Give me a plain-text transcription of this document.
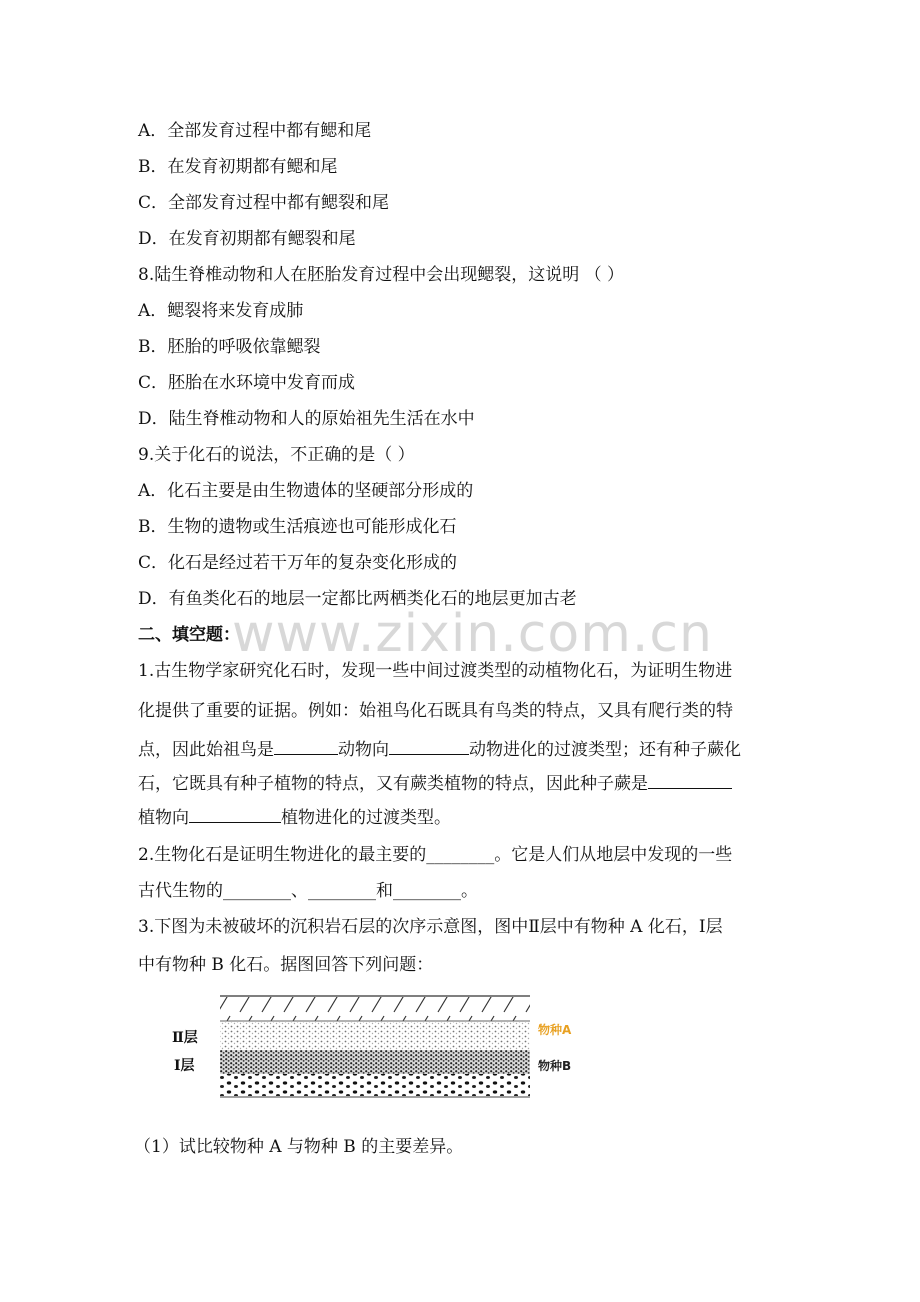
www.zixin.com.cn
A．全部发育过程中都有鳃和尾
B．在发育初期都有鳃和尾
C．全部发育过程中都有鳃裂和尾
D．在发育初期都有鳃裂和尾
8.陆生脊椎动物和人在胚胎发育过程中会出现鳃裂，这说明 （ ）
A．鳃裂将来发育成肺
B．胚胎的呼吸依靠鳃裂
C．胚胎在水环境中发育而成
D．陆生脊椎动物和人的原始祖先生活在水中
9.关于化石的说法，不正确的是（ ）
A．化石主要是由生物遗体的坚硬部分形成的
B．生物的遗物或生活痕迹也可能形成化石
C．化石是经过若干万年的复杂变化形成的
D．有鱼类化石的地层一定都比两栖类化石的地层更加古老
二、填空题：
1.古生物学家研究化石时，发现一些中间过渡类型的动植物化石，为证明生物进
化提供了重要的证据。例如：始祖鸟化石既具有鸟类的特点，又具有爬行类的特
点，因此始祖鸟是	动物向	动物进化的过渡类型；还有种子蕨化
石，它既具有种子植物的特点，又有蕨类植物的特点，因此种子蕨是
植物向	植物进化的过渡类型。
2.生物化石是证明生物进化的最主要的________。它是人们从地层中发现的一些
古代生物的________、________和________。
3.下图为未被破坏的沉积岩石层的次序示意图，图中Ⅱ层中有物种 A 化石，Ⅰ层
中有物种 B 化石。据图回答下列问题：
Ⅱ层
Ⅰ层
物种A
物种B
（1）试比较物种 A 与物种 B 的主要差异。
